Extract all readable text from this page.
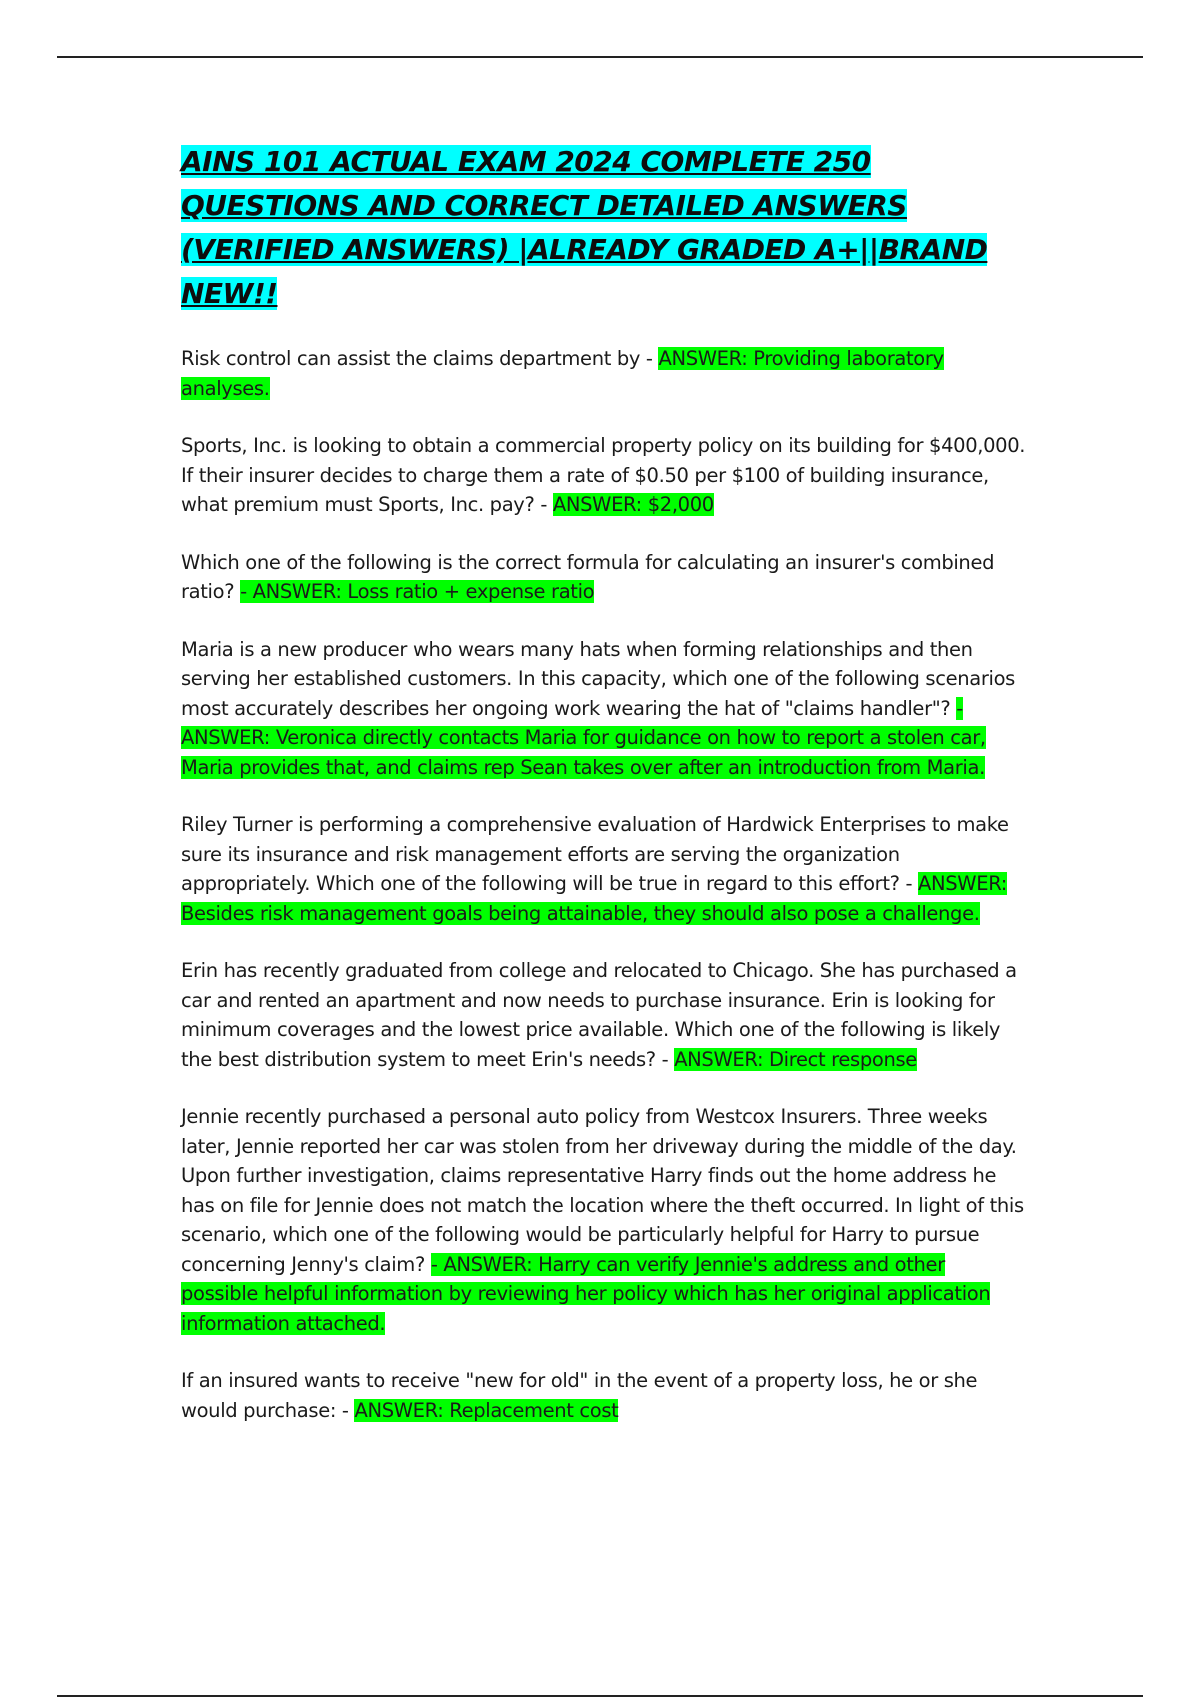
AINS 101 ACTUAL EXAM 2024 COMPLETE 250 QUESTIONS AND CORRECT DETAILED ANSWERS (VERIFIED ANSWERS) |ALREADY GRADED A+||BRAND NEW!!

Risk control can assist the claims department by - ANSWER: Providing laboratory analyses.

Sports, Inc. is looking to obtain a commercial property policy on its building for $400,000. If their insurer decides to charge them a rate of $0.50 per $100 of building insurance, what premium must Sports, Inc. pay? - ANSWER: $2,000

Which one of the following is the correct formula for calculating an insurer's combined ratio? - ANSWER: Loss ratio + expense ratio

Maria is a new producer who wears many hats when forming relationships and then serving her established customers. In this capacity, which one of the following scenarios most accurately describes her ongoing work wearing the hat of "claims handler"? - ANSWER: Veronica directly contacts Maria for guidance on how to report a stolen car, Maria provides that, and claims rep Sean takes over after an introduction from Maria.

Riley Turner is performing a comprehensive evaluation of Hardwick Enterprises to make sure its insurance and risk management efforts are serving the organization appropriately. Which one of the following will be true in regard to this effort? - ANSWER: Besides risk management goals being attainable, they should also pose a challenge.

Erin has recently graduated from college and relocated to Chicago. She has purchased a car and rented an apartment and now needs to purchase insurance. Erin is looking for minimum coverages and the lowest price available. Which one of the following is likely the best distribution system to meet Erin's needs? - ANSWER: Direct response

Jennie recently purchased a personal auto policy from Westcox Insurers. Three weeks later, Jennie reported her car was stolen from her driveway during the middle of the day. Upon further investigation, claims representative Harry finds out the home address he has on file for Jennie does not match the location where the theft occurred. In light of this scenario, which one of the following would be particularly helpful for Harry to pursue concerning Jenny's claim? - ANSWER: Harry can verify Jennie's address and other possible helpful information by reviewing her policy which has her original application information attached.

If an insured wants to receive "new for old" in the event of a property loss, he or she would purchase: - ANSWER: Replacement cost
